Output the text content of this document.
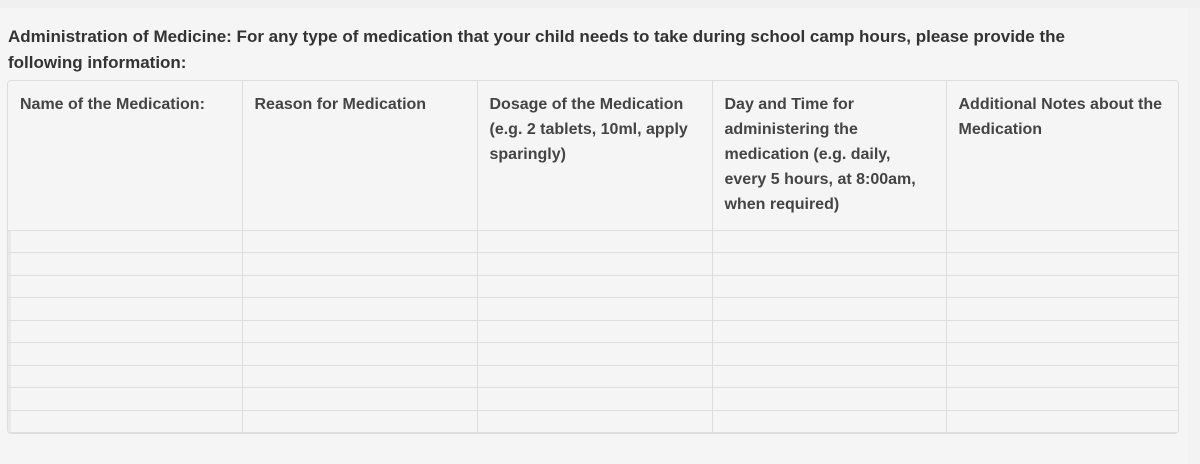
Administration of Medicine: For any type of medication that your child needs to take during school camp hours, please provide the following information:
Name of the Medication:	Reason for Medication	Dosage of the Medication (e.g. 2 tablets, 10ml, apply sparingly)	Day and Time for administering the medication (e.g. daily, every 5 hours, at 8:00am, when required)	Additional Notes about the Medication
